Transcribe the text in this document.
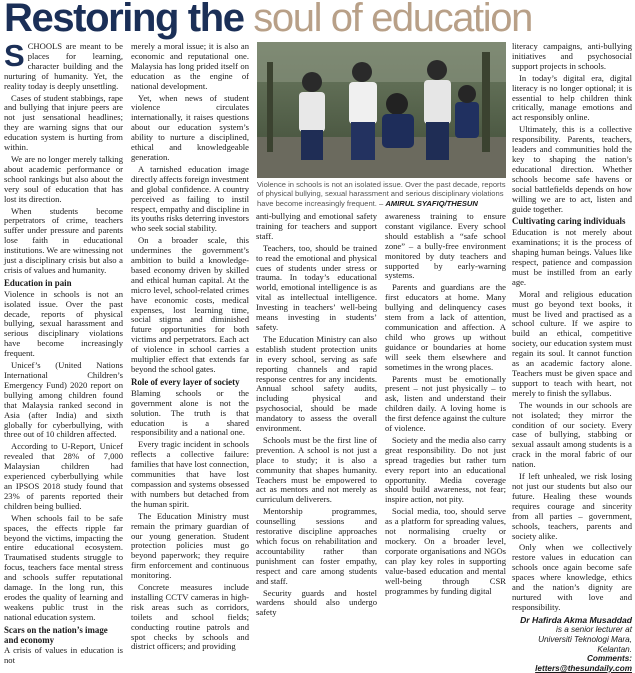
Restoring the soul of education
S CHOOLS are meant to be places for learning, character building and the nurturing of humanity. Yet, the reality today is deeply unsettling.

Cases of student stabbings, rape and bullying that injure peers are not just sensational headlines; they are warning signs that our education system is hurting from within.

We are no longer merely talking about academic performance or school rankings but also about the very soul of education that has lost its direction.

When students become perpetrators of crime, teachers suffer under pressure and parents lose faith in educational institutions. We are witnessing not just a disciplinary crisis but also a crisis of values and humanity.

Education in pain

Violence in schools is not an isolated issue. Over the past decade, reports of physical bullying, sexual harassment and serious disciplinary violations have become increasingly frequent.

Unicef’s (United Nations International Children’s Emergency Fund) 2020 report on bullying among children found that Malaysia ranked second in Asia (after India) and sixth globally for cyberbullying, with three out of 10 children affected.

According to U-Report, Unicef revealed that 28% of 7,000 Malaysian children had experienced cyberbullying while an IPSOS 2018 study found that 23% of parents reported their children being bullied.

When schools fail to be safe spaces, the effects ripple far beyond the victims, impacting the entire educational ecosystem. Traumatised students struggle to focus, teachers face mental stress and schools suffer reputational damage. In the long run, this erodes the quality of learning and weakens public trust in the national education system.

Scars on the nation’s image and economy

A crisis of values in education is not

merely a moral issue; it is also an economic and reputational one. Malaysia has long prided itself on education as the engine of national development.

Yet, when news of student violence circulates internationally, it raises questions about our education system’s ability to nurture a disciplined, ethical and knowledgeable generation.

A tarnished education image directly affects foreign investment and global confidence. A country perceived as failing to instil respect, empathy and discipline in its youths risks deterring investors who seek social stability.

On a broader scale, this undermines the government’s ambition to build a knowledge-based economy driven by skilled and ethical human capital. At the micro level, school-related crimes have economic costs, medical expenses, lost learning time, social stigma and diminished future opportunities for both victims and perpetrators. Each act of violence in school carries a multiplier effect that extends far beyond the school gates.

Role of every layer of society

Blaming schools or the government alone is not the solution. The truth is that education is a shared responsibility and a national one.

Every tragic incident in schools reflects a collective failure: families that have lost connection, communities that have lost compassion and systems obsessed with numbers but detached from the human spirit.

The Education Ministry must remain the primary guardian of our young generation. Student protection policies must go beyond paperwork; they require firm enforcement and continuous monitoring.

Concrete measures include installing CCTV cameras in high-risk areas such as corridors, toilets and school fields; conducting routine patrols and spot checks by schools and district officers; and providing

Violence in schools is not an isolated issue. Over the past decade, reports of physical bullying, sexual harassment and serious disciplinary violations have become increasingly frequent. – AMIRUL SYAFIQ/THESUN

anti-bullying and emotional safety training for teachers and support staff.

Teachers, too, should be trained to read the emotional and physical cues of students under stress or trauma. In today’s educational world, emotional intelligence is as vital as intellectual intelligence. Investing in teachers’ well-being means investing in students’ safety.

The Education Ministry can also establish student protection units in every school, serving as safe reporting channels and rapid response centres for any incidents. Annual school safety audits, including physical and psychosocial, should be made mandatory to assess the overall environment.

Schools must be the first line of prevention. A school is not just a place to study; it is also a community that shapes humanity. Teachers must be empowered to act as mentors and not merely as curriculum deliverers.

Mentorship programmes, counselling sessions and restorative discipline approaches which focus on rehabilitation and accountability rather than punishment can foster empathy, respect and care among students and staff.

Security guards and hostel wardens should also undergo safety

awareness training to ensure constant vigilance. Every school should establish a “safe school zone” – a bully-free environment monitored by duty teachers and supported by early-warning systems.

Parents and guardians are the first educators at home. Many bullying and delinquency cases stem from a lack of attention, communication and affection. A child who grows up without guidance or boundaries at home will seek them elsewhere and sometimes in the wrong places.

Parents must be emotionally present – not just physically – to ask, listen and understand their children daily. A loving home is the first defence against the culture of violence.

Society and the media also carry great responsibility. Do not just spread tragedies but rather turn every report into an educational opportunity. Media coverage should build awareness, not fear; inspire action, not pity.

Social media, too, should serve as a platform for spreading values, not normalising cruelty or mockery. On a broader level, corporate organisations and NGOs can play key roles in supporting value-based education and mental well-being through CSR programmes by funding digital

literacy campaigns, anti-bullying initiatives and psychosocial support projects in schools.

In today’s digital era, digital literacy is no longer optional; it is essential to help children think critically, manage emotions and act responsibly online.

Ultimately, this is a collective responsibility. Parents, teachers, leaders and communities hold the key to shaping the nation’s educational direction. Whether schools become safe havens or social battlefields depends on how willing we are to act, listen and guide together.

Cultivating caring individuals

Education is not merely about examinations; it is the process of shaping human beings. Values like respect, patience and compassion must be instilled from an early age.

Moral and religious education must go beyond text books, it must be lived and practised as a school culture. If we aspire to build an ethical, competitive society, our education system must regain its soul. It cannot function as an academic factory alone. Teachers must be given space and support to teach with heart, not merely to finish the syllabus.

The wounds in our schools are not isolated; they mirror the condition of our society. Every case of bullying, stabbing or sexual assault among students is a crack in the moral fabric of our nation.

If left unhealed, we risk losing not just our students but also our future. Healing these wounds requires courage and sincerity from all parties – government, schools, teachers, parents and society alike.

Only when we collectively restore values in education can schools once again become safe spaces where knowledge, ethics and the nation’s dignity are nurtured with love and responsibility.

Dr Hafirda Akma Musaddad
is a senior lecturer at
Universiti Teknologi Mara, Kelantan.
Comments: letters@thesundaily.com
